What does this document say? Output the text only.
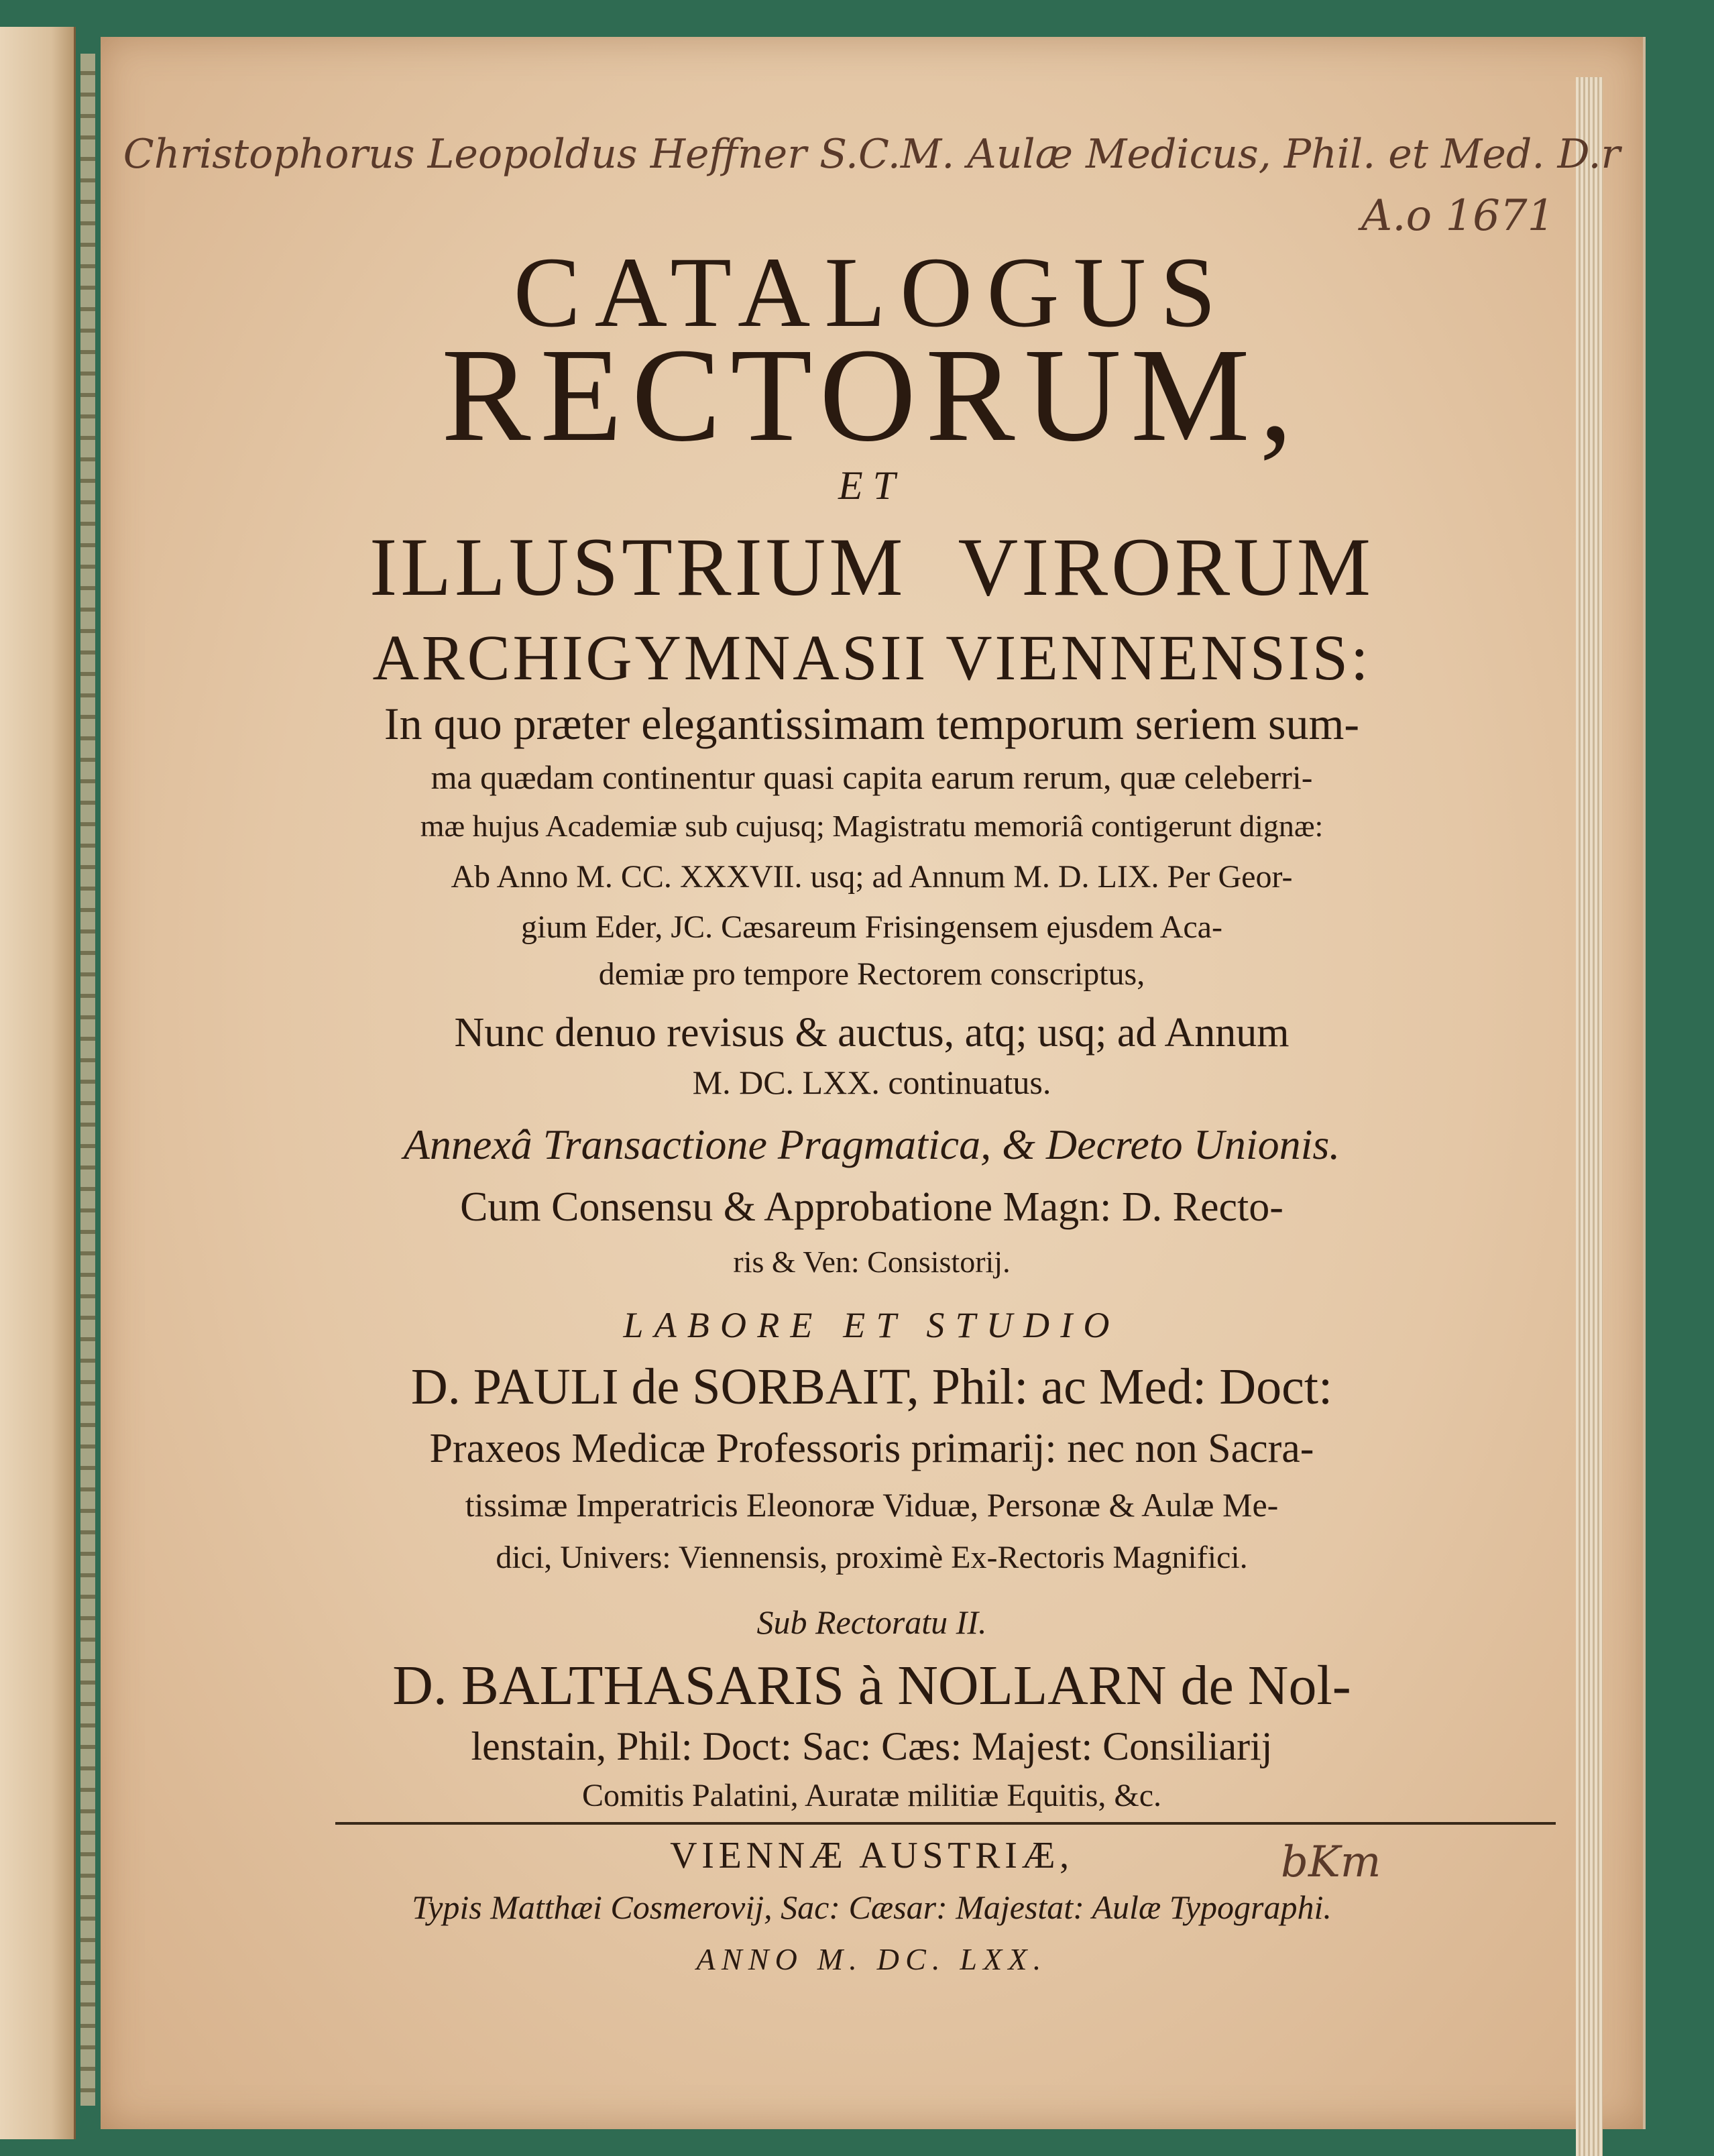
Christophorus Leopoldus Heffner S.C.M. Aulæ Medicus, Phil. et Med. D.r
A.o 1671
CATALOGUS
RECTORUM,
ET
ILLUSTRIUM VIRORUM
ARCHIGYMNASII VIENNENSIS:
In quo præter elegantissimam temporum seriem sum-
ma quædam continentur quasi capita earum rerum, quæ celeberri-
mæ hujus Academiæ sub cujusq; Magistratu memoriâ contigerunt dignæ:
Ab Anno M. CC. XXXVII. usq; ad Annum M. D. LIX. Per Geor-
gium Eder, JC. Cæsareum Frisingensem ejusdem Aca-
demiæ pro tempore Rectorem conscriptus,
Nunc denuo revisus & auctus, atq; usq; ad Annum
M. DC. LXX. continuatus.
Annexâ Transactione Pragmatica, & Decreto Unionis.
Cum Consensu & Approbatione Magn: D. Recto-
ris & Ven: Consistorij.
LABORE ET STUDIO
D. PAULI de SORBAIT, Phil: ac Med: Doct:
Praxeos Medicæ Professoris primarij: nec non Sacra-
tissimæ Imperatricis Eleonoræ Viduæ, Personæ & Aulæ Me-
dici, Univers: Viennensis, proximè Ex-Rectoris Magnifici.
Sub Rectoratu II.
D. BALTHASARIS à NOLLARN de Nol-
lenstain, Phil: Doct: Sac: Cæs: Majest: Consiliarij
Comitis Palatini, Auratæ militiæ Equitis, &c.
VIENNÆ AUSTRIÆ,	bKm
Typis Matthæi Cosmerovij, Sac: Cæsar: Majestat: Aulæ Typographi.
ANNO M. DC. LXX.
